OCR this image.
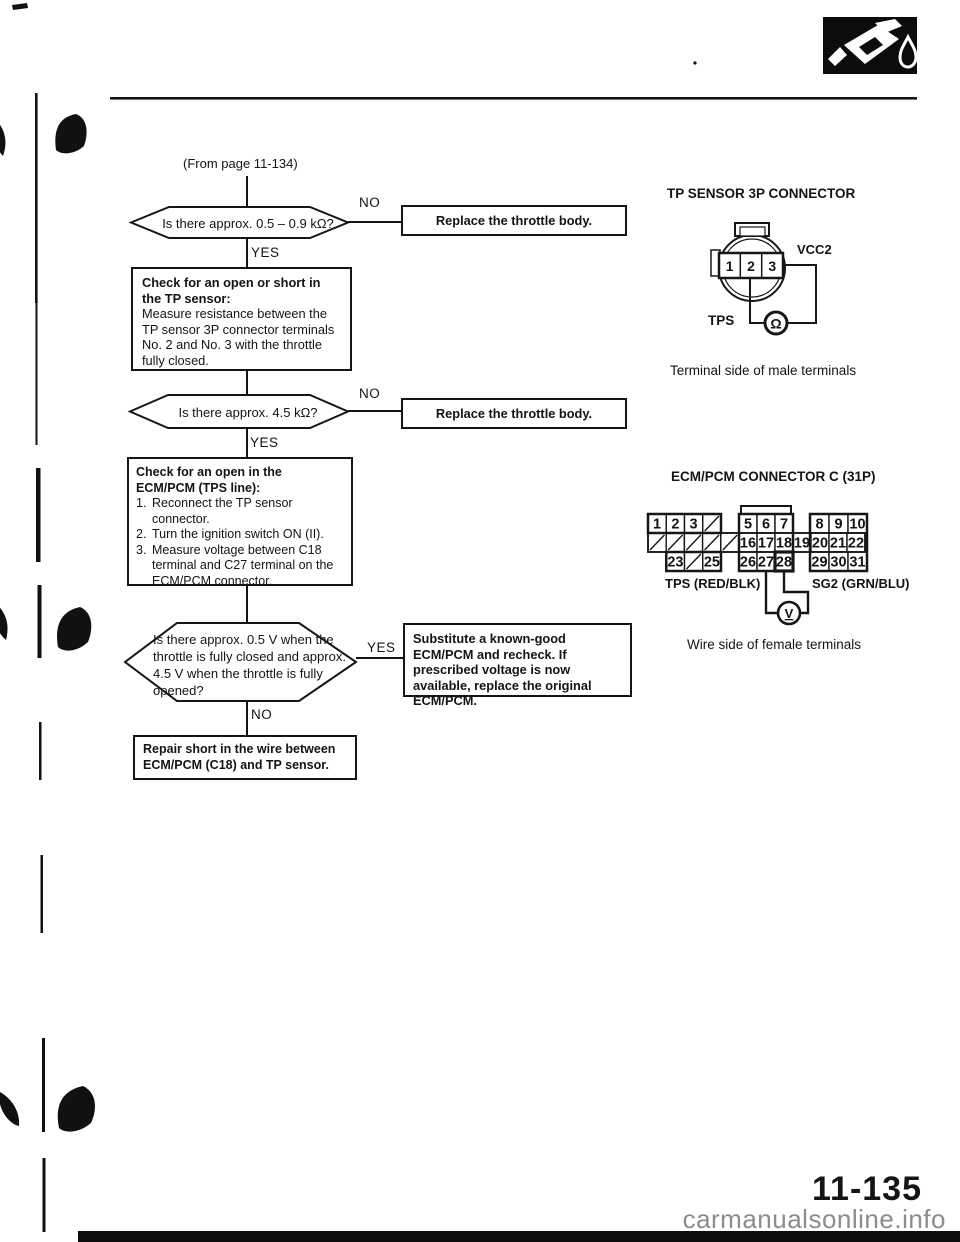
1 2 3
Ω
1 2 3	5 6 7 8 9 10
16 17 18 19 20 21 22
23 25 26 27 28 29 30 31
V
(From page 11-134)
Is there approx. 0.5 – 0.9 kΩ?
NO
Replace the throttle body.
YES
Check for an open or short in the TP sensor:
Measure resistance between the TP sensor 3P connector terminals No. 2 and No. 3 with the throttle fully closed.
Is there approx. 4.5 kΩ?
NO
Replace the throttle body.
YES
Check for an open in the ECM/PCM (TPS line):
1. Reconnect the TP sensor connector.
2. Turn the ignition switch ON (II).
3. Measure voltage between C18 terminal and C27 terminal on the ECM/PCM connector.
Is there approx. 0.5 V when the throttle is fully closed and approx. 4.5 V when the throttle is fully opened?
YES
Substitute a known-good ECM/PCM and recheck. If prescribed voltage is now available, replace the original ECM/PCM.
NO
Repair short in the wire between ECM/PCM (C18) and TP sensor.
TP SENSOR 3P CONNECTOR
VCC2
TPS
Terminal side of male terminals
ECM/PCM CONNECTOR C (31P)
TPS (RED/BLK)	SG2 (GRN/BLU)
Wire side of female terminals
11-135
carmanualsonline.info
